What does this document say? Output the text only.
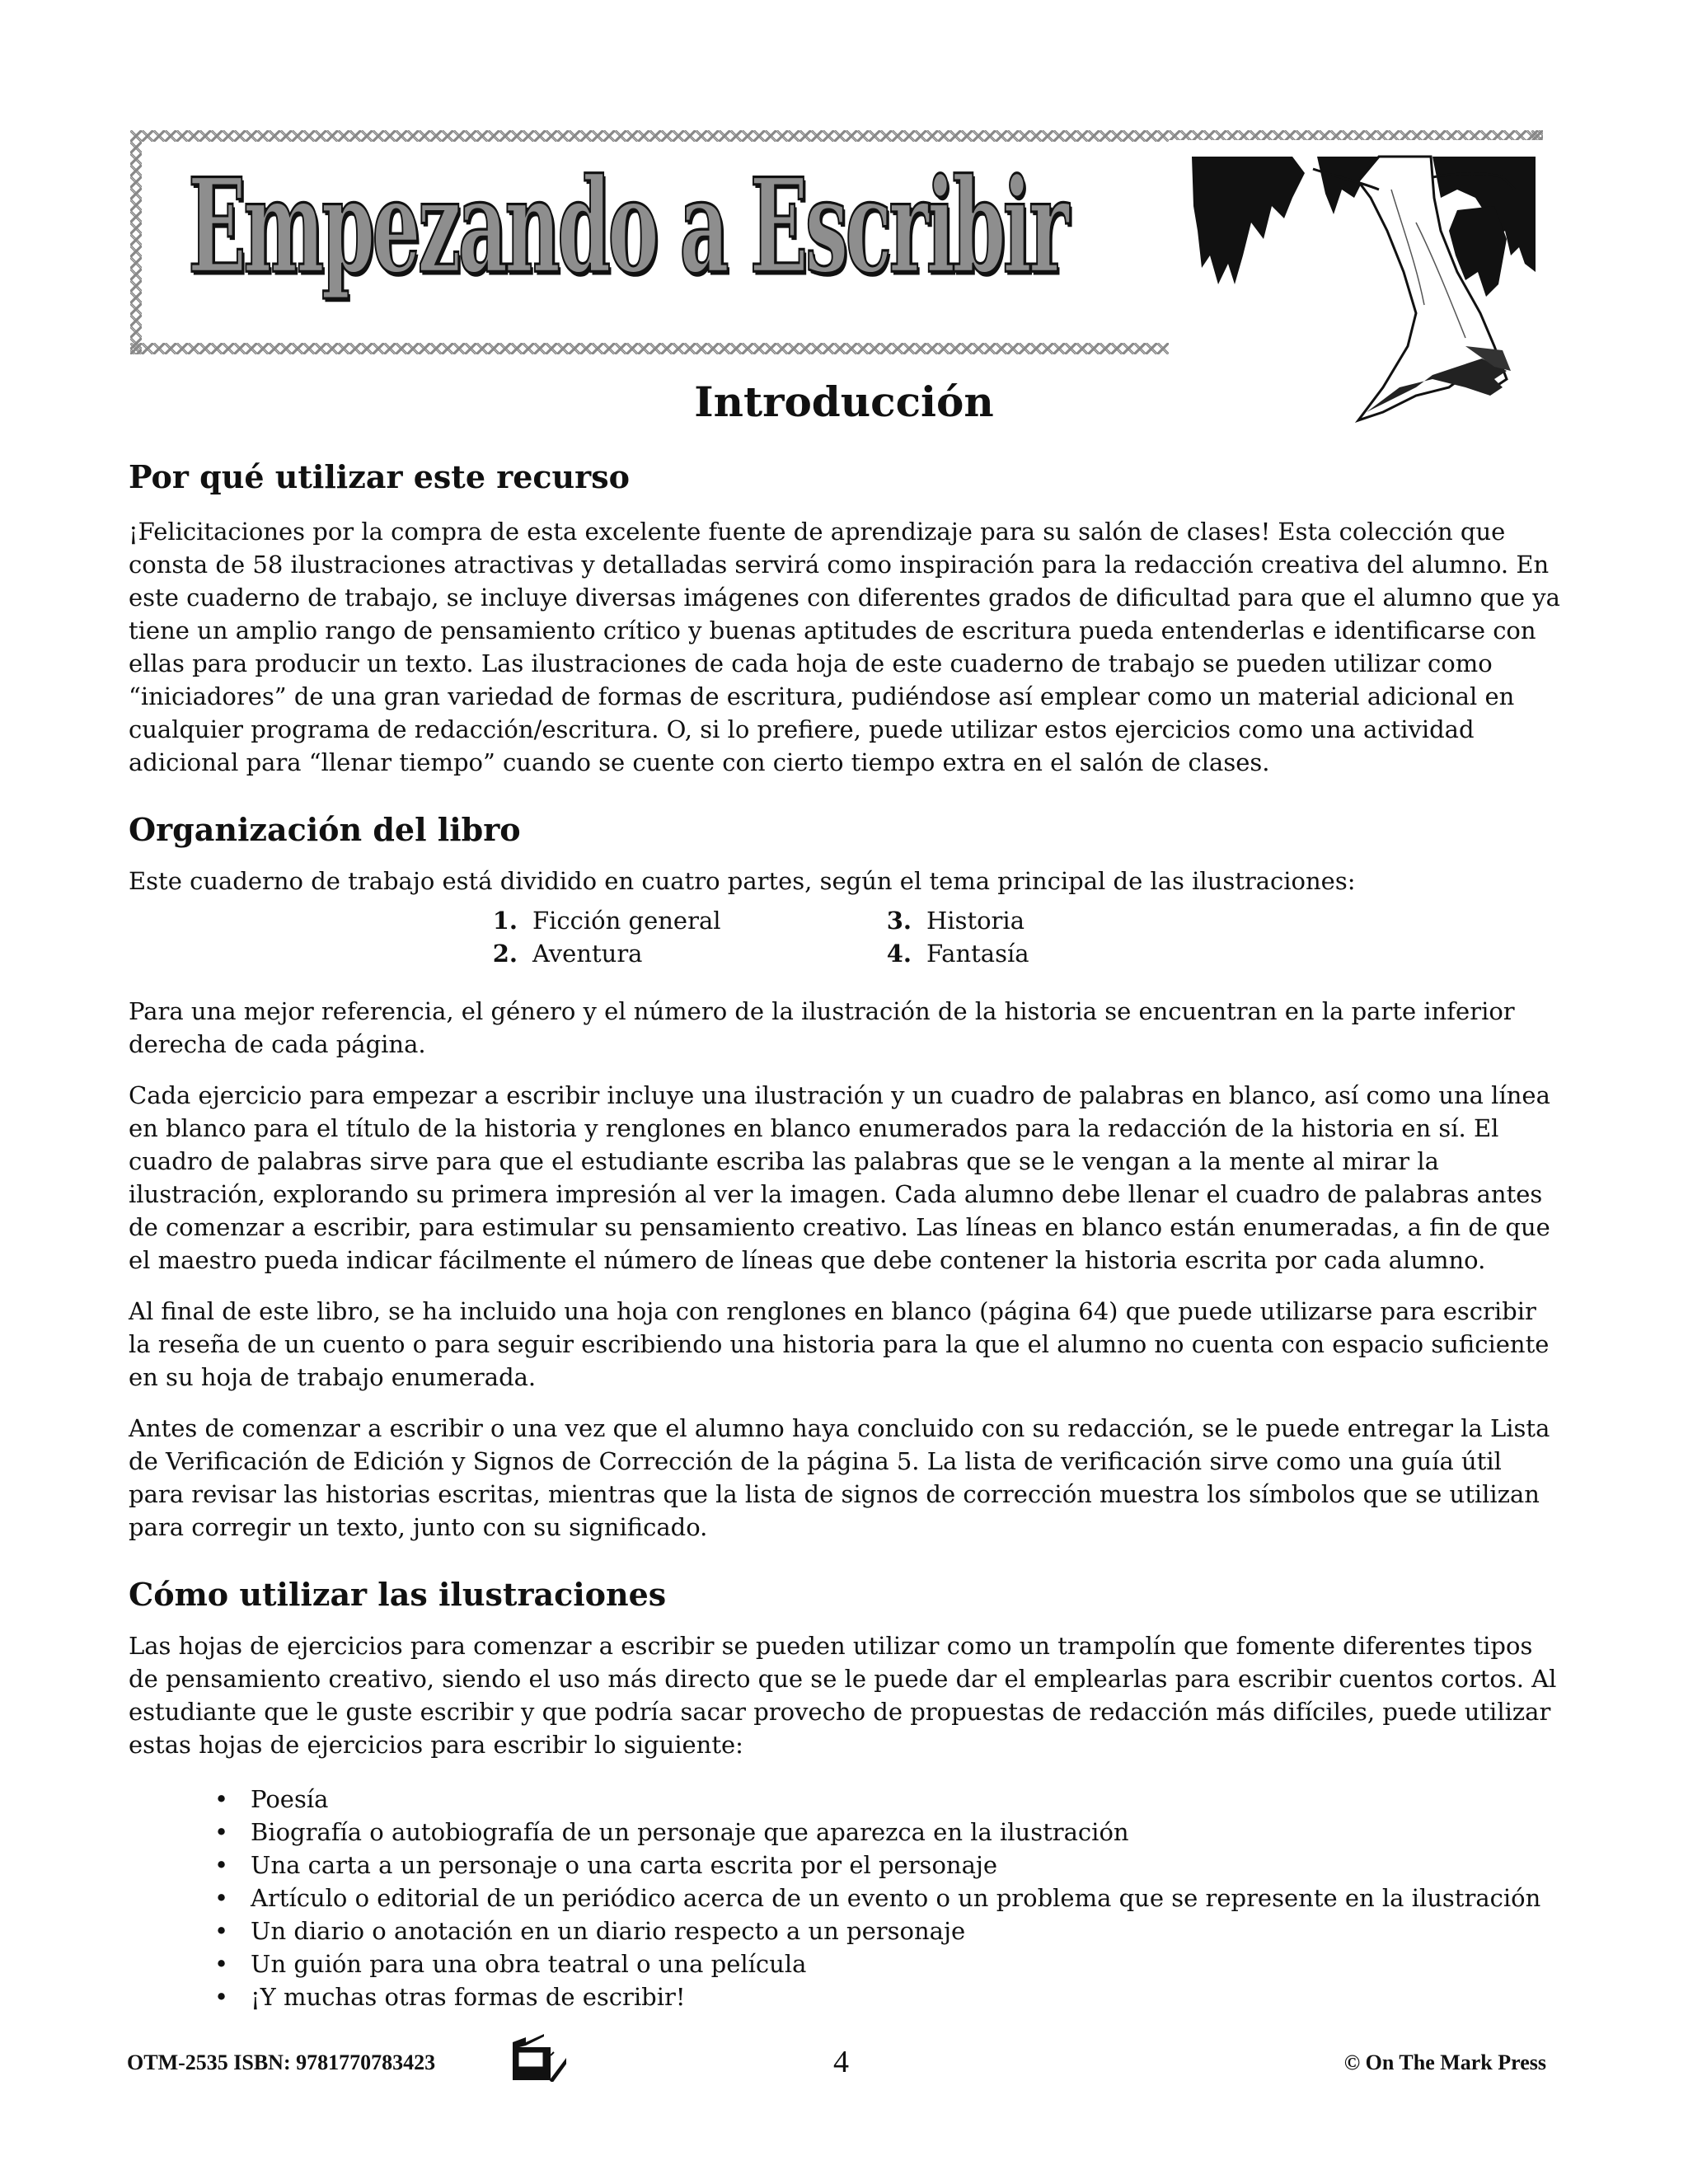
Empezando a Escribir
Introducción
Por qué utilizar este recurso

¡Felicitaciones por la compra de esta excelente fuente de aprendizaje para su salón de clases! Esta colección que consta de 58 ilustraciones atractivas y detalladas servirá como inspiración para la redacción creativa del alumno. En este cuaderno de trabajo, se incluye diversas imágenes con diferentes grados de dificultad para que el alumno que ya tiene un amplio rango de pensamiento crítico y buenas aptitudes de escritura pueda entenderlas e identificarse con ellas para producir un texto. Las ilustraciones de cada hoja de este cuaderno de trabajo se pueden utilizar como “iniciadores” de una gran variedad de formas de escritura, pudiéndose así emplear como un material adicional en cualquier programa de redacción/escritura. O, si lo prefiere, puede utilizar estos ejercicios como una actividad adicional para “llenar tiempo” cuando se cuente con cierto tiempo extra en el salón de clases.

Organización del libro

Este cuaderno de trabajo está dividido en cuatro partes, según el tema principal de las ilustraciones:

1. Ficción general
2. Aventura
3. Historia
4. Fantasía

Para una mejor referencia, el género y el número de la ilustración de la historia se encuentran en la parte inferior derecha de cada página.

Cada ejercicio para empezar a escribir incluye una ilustración y un cuadro de palabras en blanco, así como una línea en blanco para el título de la historia y renglones en blanco enumerados para la redacción de la historia en sí. El cuadro de palabras sirve para que el estudiante escriba las palabras que se le vengan a la mente al mirar la ilustración, explorando su primera impresión al ver la imagen. Cada alumno debe llenar el cuadro de palabras antes de comenzar a escribir, para estimular su pensamiento creativo. Las líneas en blanco están enumeradas, a fin de que el maestro pueda indicar fácilmente el número de líneas que debe contener la historia escrita por cada alumno.

Al final de este libro, se ha incluido una hoja con renglones en blanco (página 64) que puede utilizarse para escribir la reseña de un cuento o para seguir escribiendo una historia para la que el alumno no cuenta con espacio suficiente en su hoja de trabajo enumerada.

Antes de comenzar a escribir o una vez que el alumno haya concluido con su redacción, se le puede entregar la Lista de Verificación de Edición y Signos de Corrección de la página 5. La lista de verificación sirve como una guía útil para revisar las historias escritas, mientras que la lista de signos de corrección muestra los símbolos que se utilizan para corregir un texto, junto con su significado.

Cómo utilizar las ilustraciones

Las hojas de ejercicios para comenzar a escribir se pueden utilizar como un trampolín que fomente diferentes tipos de pensamiento creativo, siendo el uso más directo que se le puede dar el emplearlas para escribir cuentos cortos. Al estudiante que le guste escribir y que podría sacar provecho de propuestas de redacción más difíciles, puede utilizar estas hojas de ejercicios para escribir lo siguiente:

• Poesía
• Biografía o autobiografía de un personaje que aparezca en la ilustración
• Una carta a un personaje o una carta escrita por el personaje
• Artículo o editorial de un periódico acerca de un evento o un problema que se represente en la ilustración
• Un diario o anotación en un diario respecto a un personaje
• Un guión para una obra teatral o una película
• ¡Y muchas otras formas de escribir!
OTM-2535 ISBN: 9781770783423	4	© On The Mark Press
